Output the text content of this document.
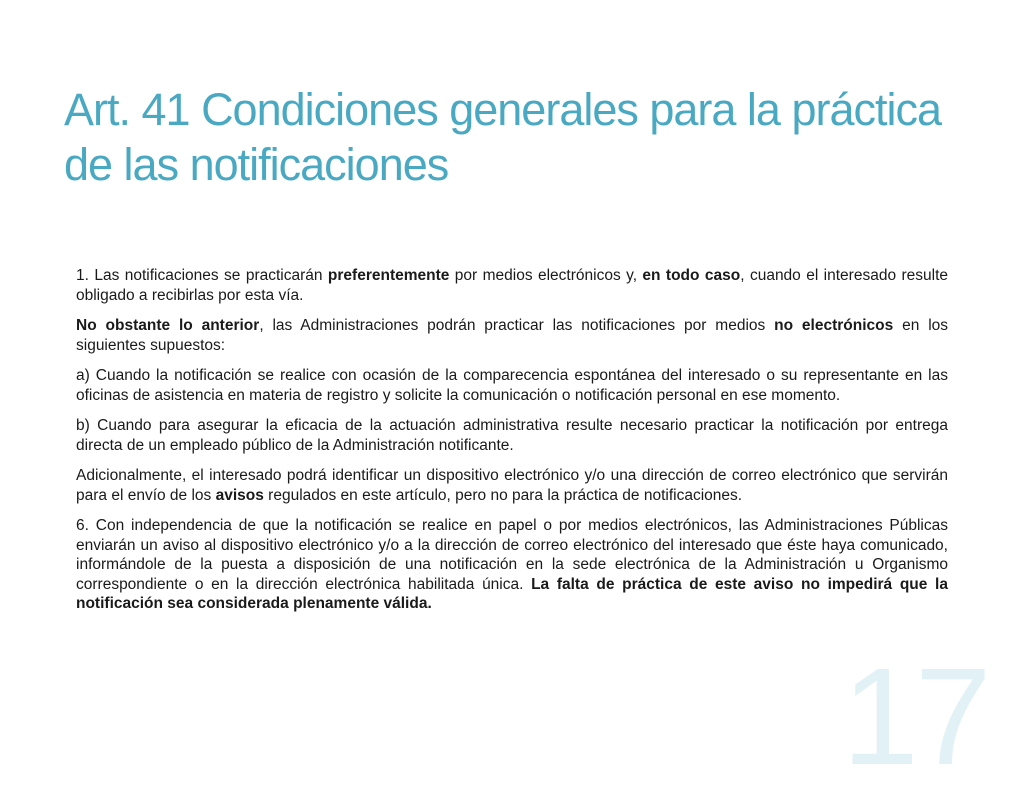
17
Art. 41 Condiciones generales para la práctica de las notificaciones

1. Las notificaciones se practicarán preferentemente por medios electrónicos y, en todo caso, cuando el interesado resulte obligado a recibirlas por esta vía.

No obstante lo anterior, las Administraciones podrán practicar las notificaciones por medios no electrónicos en los siguientes supuestos:

a) Cuando la notificación se realice con ocasión de la comparecencia espontánea del interesado o su representante en las oficinas de asistencia en materia de registro y solicite la comunicación o notificación personal en ese momento.

b) Cuando para asegurar la eficacia de la actuación administrativa resulte necesario practicar la notificación por entrega directa de un empleado público de la Administración notificante.

Adicionalmente, el interesado podrá identificar un dispositivo electrónico y/o una dirección de correo electrónico que servirán para el envío de los avisos regulados en este artículo, pero no para la práctica de notificaciones.

6. Con independencia de que la notificación se realice en papel o por medios electrónicos, las Administraciones Públicas enviarán un aviso al dispositivo electrónico y/o a la dirección de correo electrónico del interesado que éste haya comunicado, informándole de la puesta a disposición de una notificación en la sede electrónica de la Administración u Organismo correspondiente o en la dirección electrónica habilitada única. La falta de práctica de este aviso no impedirá que la notificación sea considerada plenamente válida.
